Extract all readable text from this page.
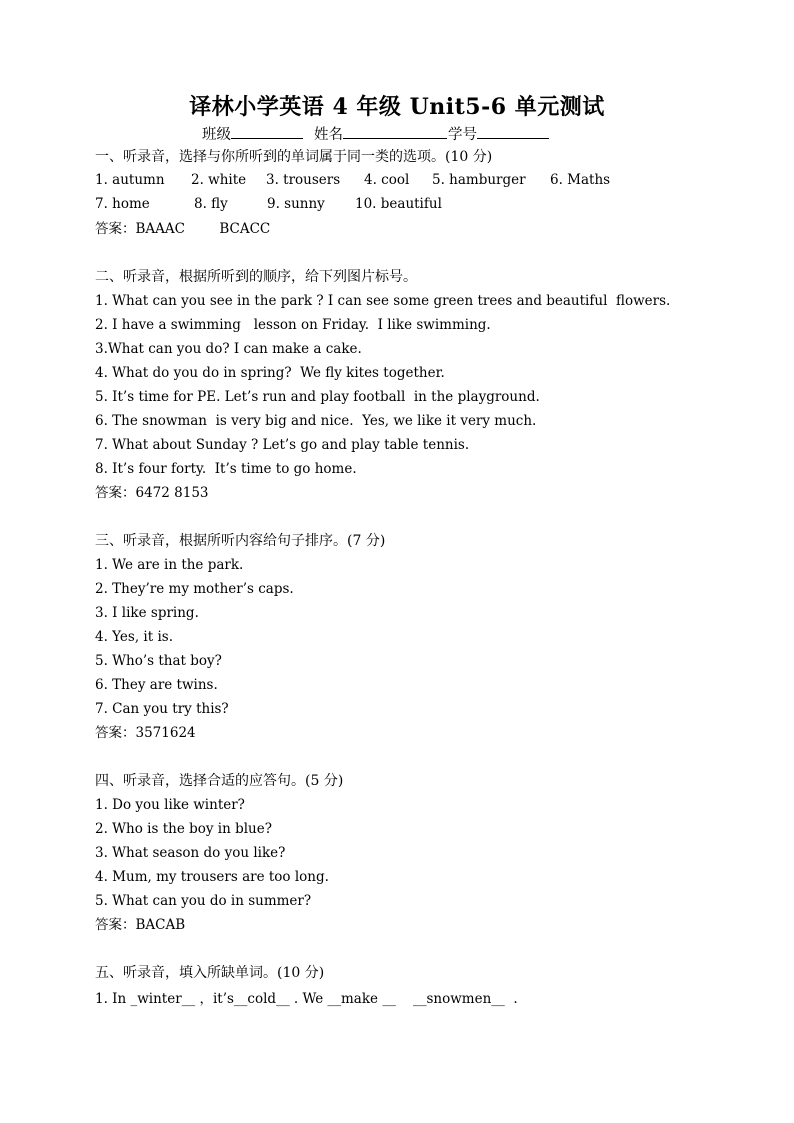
译林小学英语 4 年级 Unit5-6 单元测试
班级	姓名	学号
一、听录音，选择与你所听到的单词属于同一类的选项。(10 分)
1. autumn 2. white 3. trousers 4. cool 5. hamburger 6. Maths
7. home	8. fly	9. sunny 10. beautiful
答案：BAAAC        BCACC
二、听录音，根据所听到的顺序，给下列图片标号。
1. What can you see in the park ? I can see some green trees and beautiful  flowers.
2. I have a swimming   lesson on Friday.  I like swimming.
3.What can you do? I can make a cake.
4. What do you do in spring?  We fly kites together.
5. It’s time for PE. Let’s run and play football  in the playground.
6. The snowman  is very big and nice.  Yes, we like it very much.
7. What about Sunday ? Let’s go and play table tennis.
8. It’s four forty.  It’s time to go home.
答案：6472 8153
三、听录音，根据所听内容给句子排序。(7 分)
1. We are in the park.
2. They’re my mother’s caps.
3. I like spring.
4. Yes, it is.
5. Who’s that boy?
6. They are twins.
7. Can you try this?
答案：3571624
四、听录音，选择合适的应答句。(5 分)
1. Do you like winter?
2. Who is the boy in blue?
3. What season do you like?
4. Mum, my trousers are too long.
5. What can you do in summer?
答案：BACAB
五、听录音，填入所缺单词。(10 分)
1. In _winter__ ，it’s__cold__ . We __make __    __snowmen__  .
